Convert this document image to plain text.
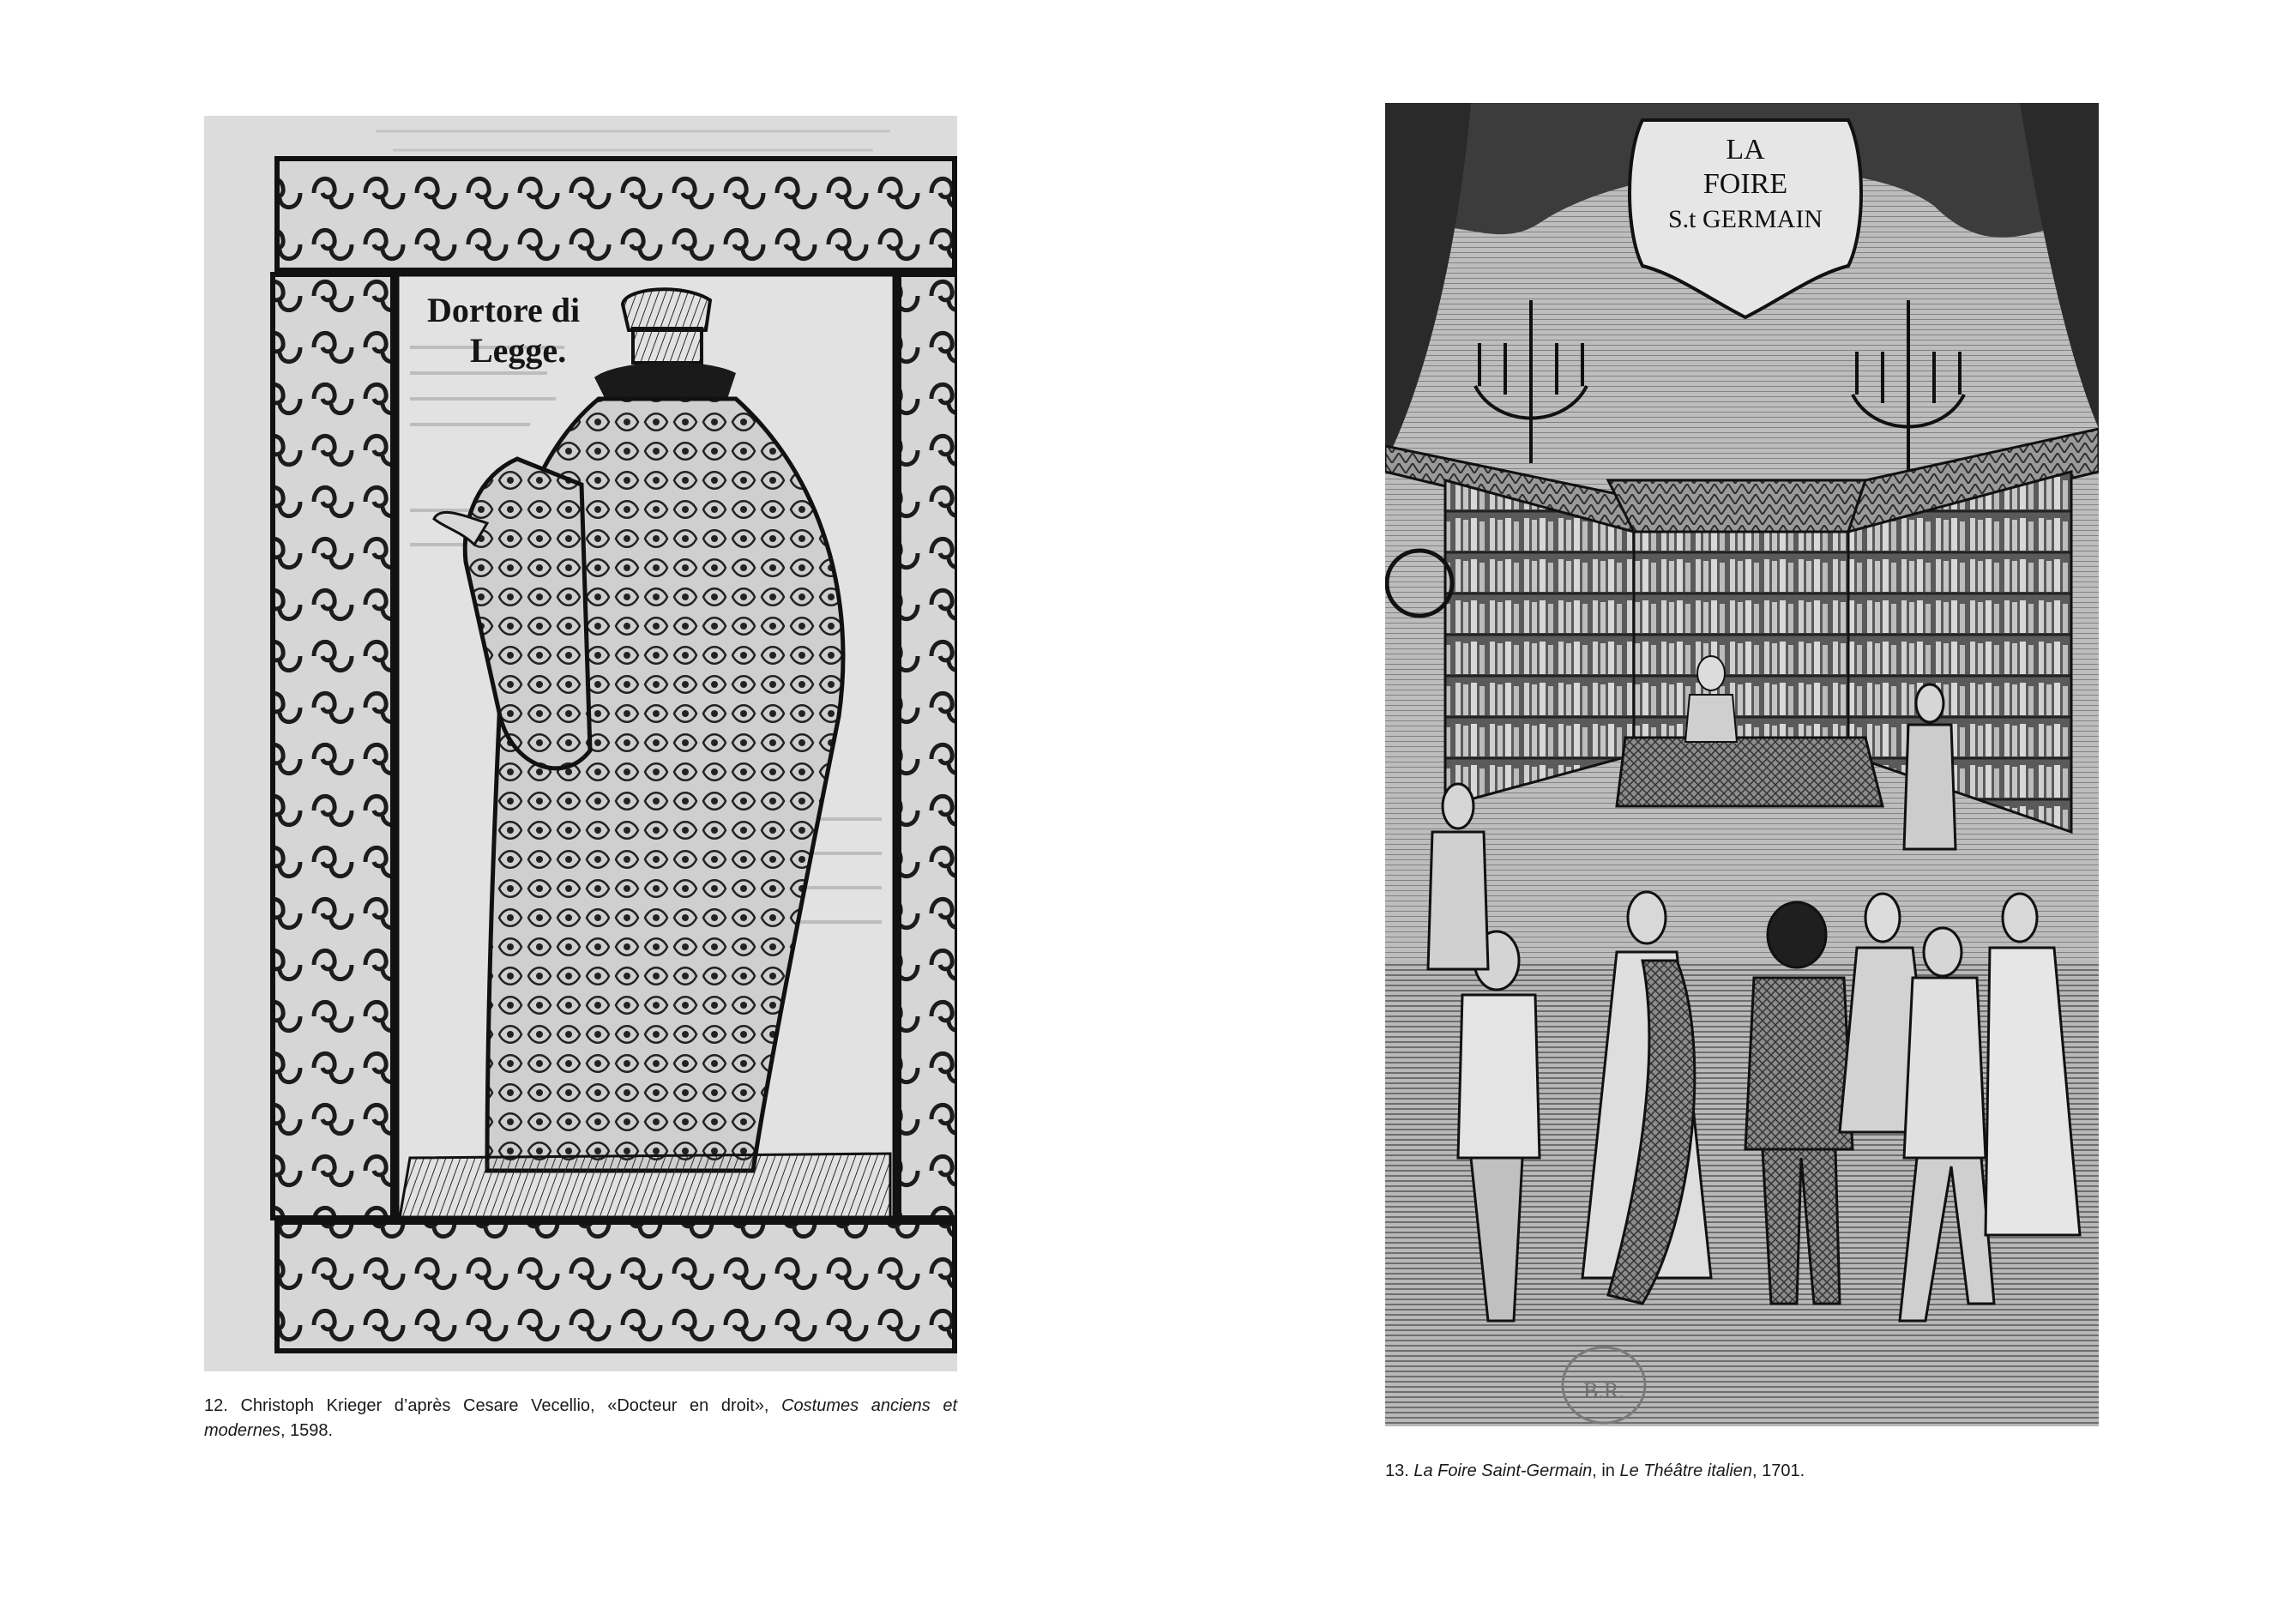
Dortore di
Legge.
LA
FOIRE
S.t GERMAIN
B.R.
12. Christoph Krieger d’après Cesare Vecellio, «Docteur en droit», Costumes anciens et modernes, 1598.
13. La Foire Saint-Germain, in Le Théâtre italien, 1701.
